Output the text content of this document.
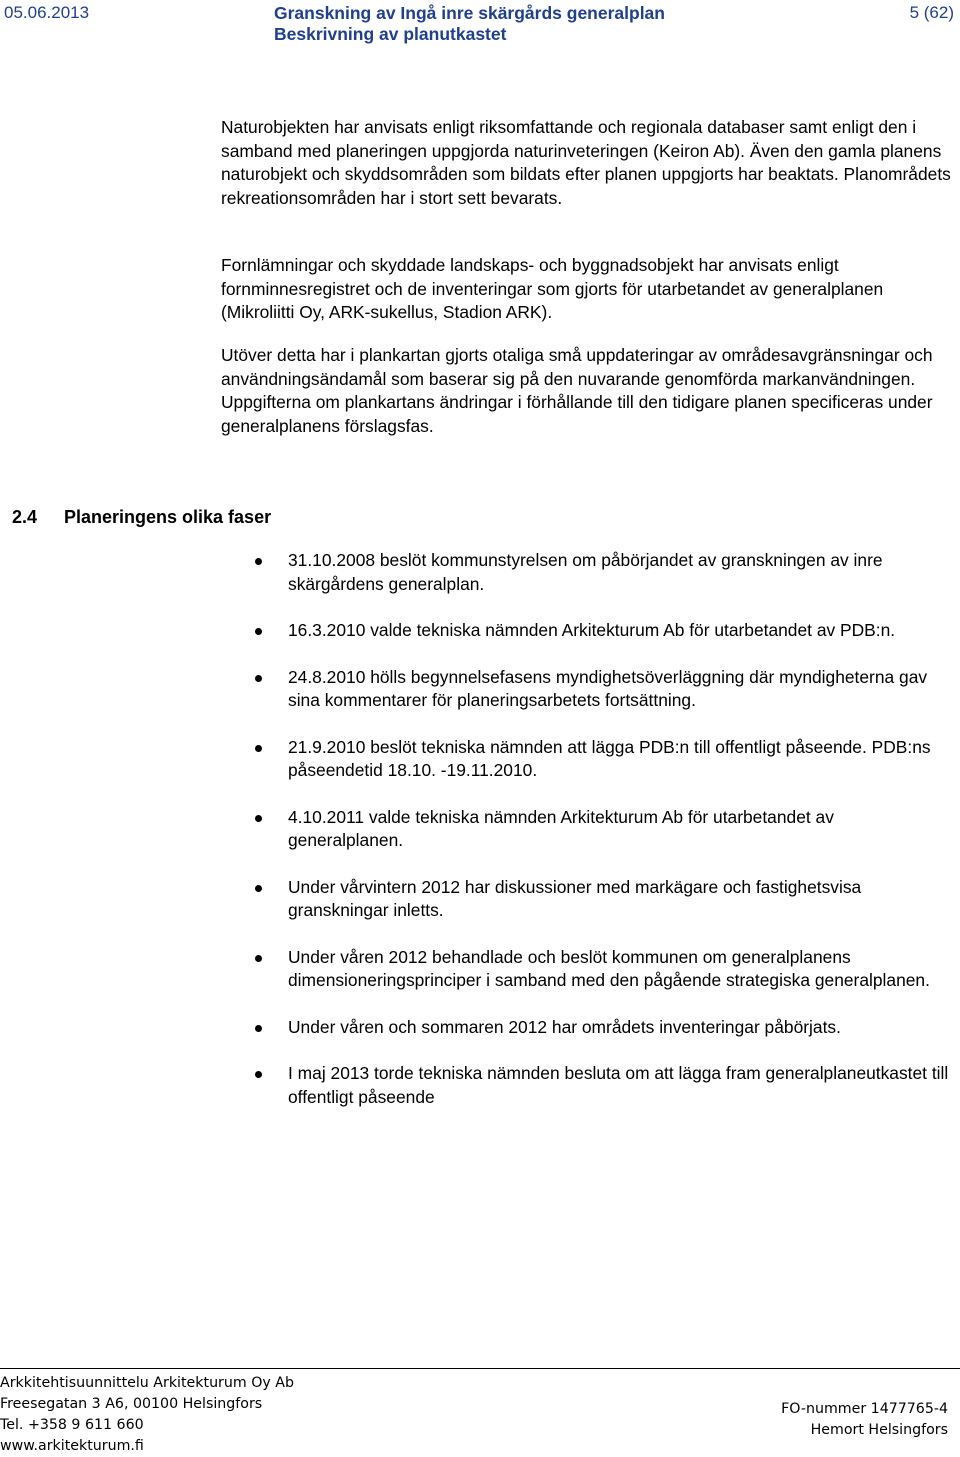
05.06.2013	Granskning av Ingå inre skärgårds generalplan
Beskrivning av planutkastet
5 (62)

Naturobjekten har anvisats enligt riksomfattande och regionala databaser samt enligt den i samband med planeringen uppgjorda naturinveteringen (Keiron Ab). Även den gamla planens naturobjekt och skyddsområden som bildats efter planen uppgjorts har beaktats. Planområdets rekreationsområden har i stort sett bevarats.

Fornlämningar och skyddade landskaps- och byggnadsobjekt har anvisats enligt fornminnesregistret och de inventeringar som gjorts för utarbetandet av generalplanen (Mikroliitti Oy, ARK-sukellus, Stadion ARK).

Utöver detta har i plankartan gjorts otaliga små uppdateringar av områdesavgränsningar och användningsändamål som baserar sig på den nuvarande genomförda markanvändningen. Uppgifterna om plankartans ändringar i förhållande till den tidigare planen specificeras under generalplanens förslagsfas.

2.4	Planeringens olika faser
31.10.2008 beslöt kommunstyrelsen om påbörjandet av granskningen av inre skärgårdens generalplan.
16.3.2010 valde tekniska nämnden Arkitekturum Ab för utarbetandet av PDB:n.
24.8.2010 hölls begynnelsefasens myndighetsöverläggning där myndigheterna gav sina kommentarer för planeringsarbetets fortsättning.
21.9.2010 beslöt tekniska nämnden att lägga PDB:n till offentligt påseende. PDB:ns påseendetid 18.10. -19.11.2010.
4.10.2011 valde tekniska nämnden Arkitekturum Ab för utarbetandet av generalplanen.
Under vårvintern 2012 har diskussioner med markägare och fastighetsvisa granskningar inletts.
Under våren 2012 behandlade och beslöt kommunen om generalplanens dimensioneringsprinciper i samband med den pågående strategiska generalplanen.
Under våren och sommaren 2012 har områdets inventeringar påbörjats.
I maj 2013 torde tekniska nämnden besluta om att lägga fram generalplaneutkastet till offentligt påseende
Arkkitehtisuunnittelu Arkitekturum Oy Ab
Freesegatan 3 A6, 00100 Helsingfors
Tel. +358 9 611 660
www.arkitekturum.fi
FO-nummer 1477765-4
Hemort Helsingfors
